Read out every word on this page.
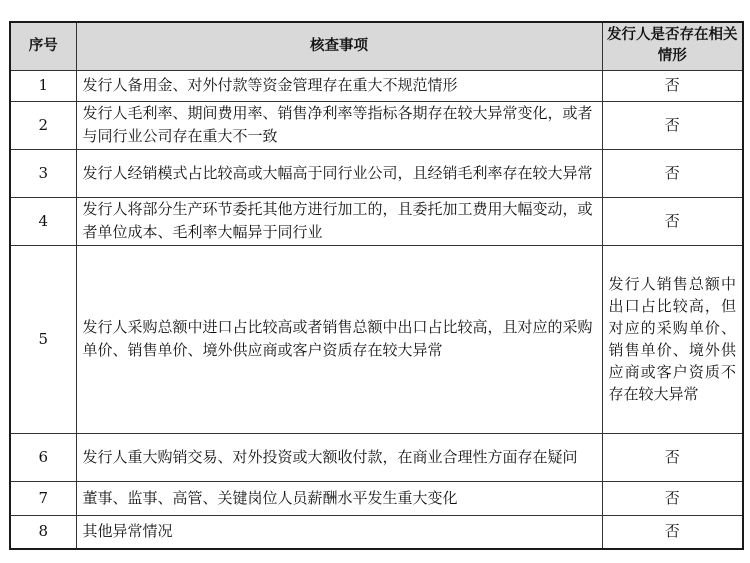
序号	核查事项	发行人是否存在相关情形
1	发行人备用金、对外付款等资金管理存在重大不规范情形	否
2	发行人毛利率、期间费用率、销售净利率等指标各期存在较大异常变化，或者与同行业公司存在重大不一致	否
3	发行人经销模式占比较高或大幅高于同行业公司，且经销毛利率存在较大异常	否
4	发行人将部分生产环节委托其他方进行加工的，且委托加工费用大幅变动，或者单位成本、毛利率大幅异于同行业	否
5	发行人采购总额中进口占比较高或者销售总额中出口占比较高，且对应的采购单价、销售单价、境外供应商或客户资质存在较大异常	发行人销售总额中出口占比较高，但对应的采购单价、销售单价、境外供应商或客户资质不存在较大异常
6	发行人重大购销交易、对外投资或大额收付款，在商业合理性方面存在疑问	否
7	董事、监事、高管、关键岗位人员薪酬水平发生重大变化	否
8	其他异常情况	否
